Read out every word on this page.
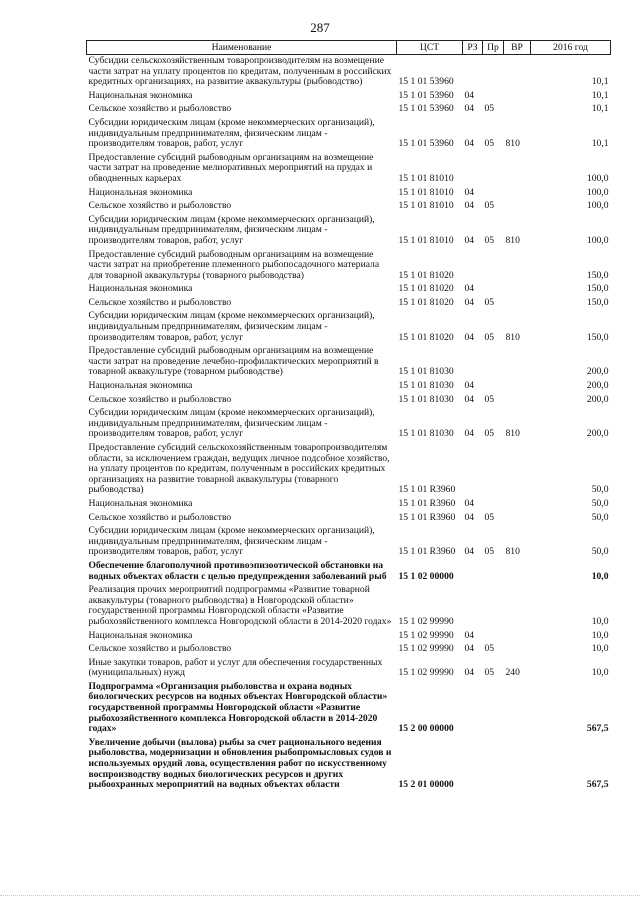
287
Наименование	ЦСТ	РЗ	Пр	ВР	2016 год
Субсидии сельскохозяйственным товаропроизводителям на возмещение части затрат на уплату процентов по кредитам, полученным в российских кредитных организациях, на развитие аквакультуры (рыбоводство)	15 1 01 53960				10,1
Национальная экономика	15 1 01 53960	04			10,1
Сельское хозяйство и рыболовство	15 1 01 53960	04	05		10,1
Субсидии юридическим лицам (кроме некоммерческих организаций), индивидуальным предпринимателям, физическим лицам - производителям товаров, работ, услуг	15 1 01 53960	04	05	810	10,1
Предоставление субсидий рыбоводным организациям на возмещение части затрат на проведение мелиоративных мероприятий на прудах и обводненных карьерах	15 1 01 81010				100,0
Национальная экономика	15 1 01 81010	04			100,0
Сельское хозяйство и рыболовство	15 1 01 81010	04	05		100,0
Субсидии юридическим лицам (кроме некоммерческих организаций), индивидуальным предпринимателям, физическим лицам - производителям товаров, работ, услуг	15 1 01 81010	04	05	810	100,0
Предоставление субсидий рыбоводным организациям на возмещение части затрат на приобретение племенного рыбопосадочного материала для товарной аквакультуры (товарного рыбоводства)	15 1 01 81020				150,0
Национальная экономика	15 1 01 81020	04			150,0
Сельское хозяйство и рыболовство	15 1 01 81020	04	05		150,0
Субсидии юридическим лицам (кроме некоммерческих организаций), индивидуальным предпринимателям, физическим лицам - производителям товаров, работ, услуг	15 1 01 81020	04	05	810	150,0
Предоставление субсидий рыбоводным организациям на возмещение части затрат на проведение лечебно-профилактических мероприятий в товарной аквакультуре (товарном рыбоводстве)	15 1 01 81030				200,0
Национальная экономика	15 1 01 81030	04			200,0
Сельское хозяйство и рыболовство	15 1 01 81030	04	05		200,0
Субсидии юридическим лицам (кроме некоммерческих организаций), индивидуальным предпринимателям, физическим лицам - производителям товаров, работ, услуг	15 1 01 81030	04	05	810	200,0
Предоставление субсидий сельскохозяйственным товаропроизводителям области, за исключением граждан, ведущих личное подсобное хозяйство, на уплату процентов по кредитам, полученным в российских кредитных организациях на развитие товарной аквакультуры (товарного рыбоводства)	15 1 01 R3960				50,0
Национальная экономика	15 1 01 R3960	04			50,0
Сельское хозяйство и рыболовство	15 1 01 R3960	04	05		50,0
Субсидии юридическим лицам (кроме некоммерческих организаций), индивидуальным предпринимателям, физическим лицам - производителям товаров, работ, услуг	15 1 01 R3960	04	05	810	50,0
Обеспечение благополучной противоэпизоотической обстановки на водных объектах области с целью предупреждения заболеваний рыб	15 1 02 00000				10,0
Реализация прочих мероприятий подпрограммы «Развитие товарной аквакультуры (товарного рыбоводства) в Новгородской области» государственной программы Новгородской области «Развитие рыбохозяйственного комплекса Новгородской области в 2014-2020 годах»	15 1 02 99990				10,0
Национальная экономика	15 1 02 99990	04			10,0
Сельское хозяйство и рыболовство	15 1 02 99990	04	05		10,0
Иные закупки товаров, работ и услуг для обеспечения государственных (муниципальных) нужд	15 1 02 99990	04	05	240	10,0
Подпрограмма «Организация рыболовства и охрана водных биологических ресурсов на водных объектах Новгородской области» государственной программы Новгородской области «Развитие рыбохозяйственного комплекса Новгородской области в 2014-2020 годах»	15 2 00 00000				567,5
Увеличение добычи (вылова) рыбы за счет рационального ведения рыболовства, модернизации и обновления рыбопромысловых судов и используемых орудий лова, осуществления работ по искусственному воспроизводству водных биологических ресурсов и других рыбоохранных мероприятий на водных объектах области	15 2 01 00000				567,5
